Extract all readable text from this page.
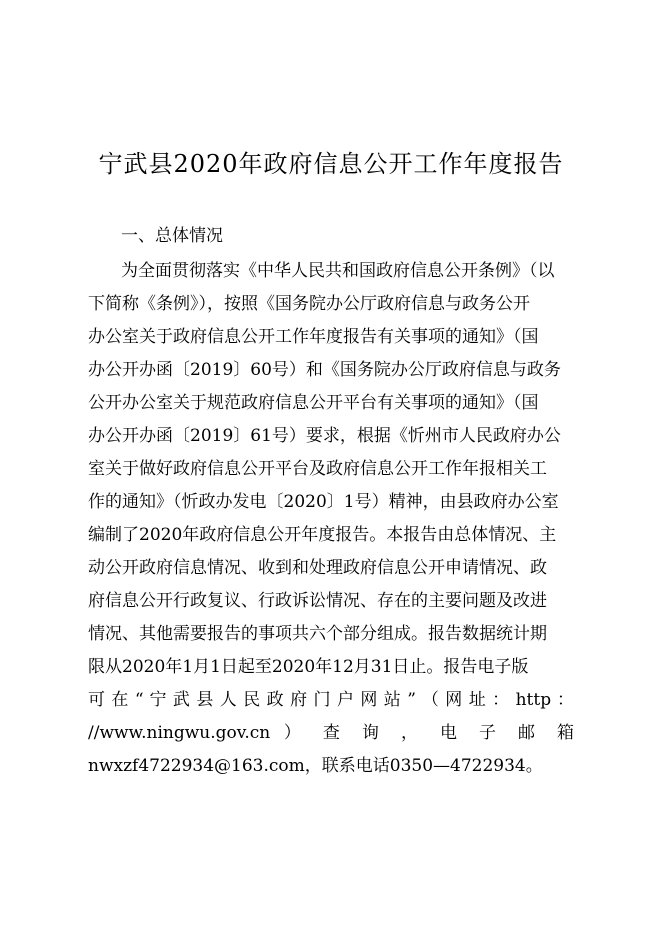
宁武县2020年政府信息公开工作年度报告
一、总体情况
为全面贯彻落实《中华人民共和国政府信息公开条例》（以
下简称《条例》），按照《国务院办公厅政府信息与政务公开
办公室关于政府信息公开工作年度报告有关事项的通知》（国
办公开办函〔2019〕60号）和《国务院办公厅政府信息与政务
公开办公室关于规范政府信息公开平台有关事项的通知》（国
办公开办函〔2019〕61号）要求，根据《忻州市人民政府办公
室关于做好政府信息公开平台及政府信息公开工作年报相关工
作的通知》（忻政办发电〔2020〕1号）精神，由县政府办公室
编制了2020年政府信息公开年度报告。本报告由总体情况、主
动公开政府信息情况、收到和处理政府信息公开申请情况、政
府信息公开行政复议、行政诉讼情况、存在的主要问题及改进
情况、其他需要报告的事项共六个部分组成。报告数据统计期
限从2020年1月1日起至2020年12月31日止。报告电子版
可 在 “ 宁 武 县 人 民 政 府 门 户 网 站 ” （ 网 址 ： http ：
//www.ningwu.gov.cn ） 查 询 ， 电 子 邮 箱
nwxzf4722934@163.com，联系电话0350—4722934。
